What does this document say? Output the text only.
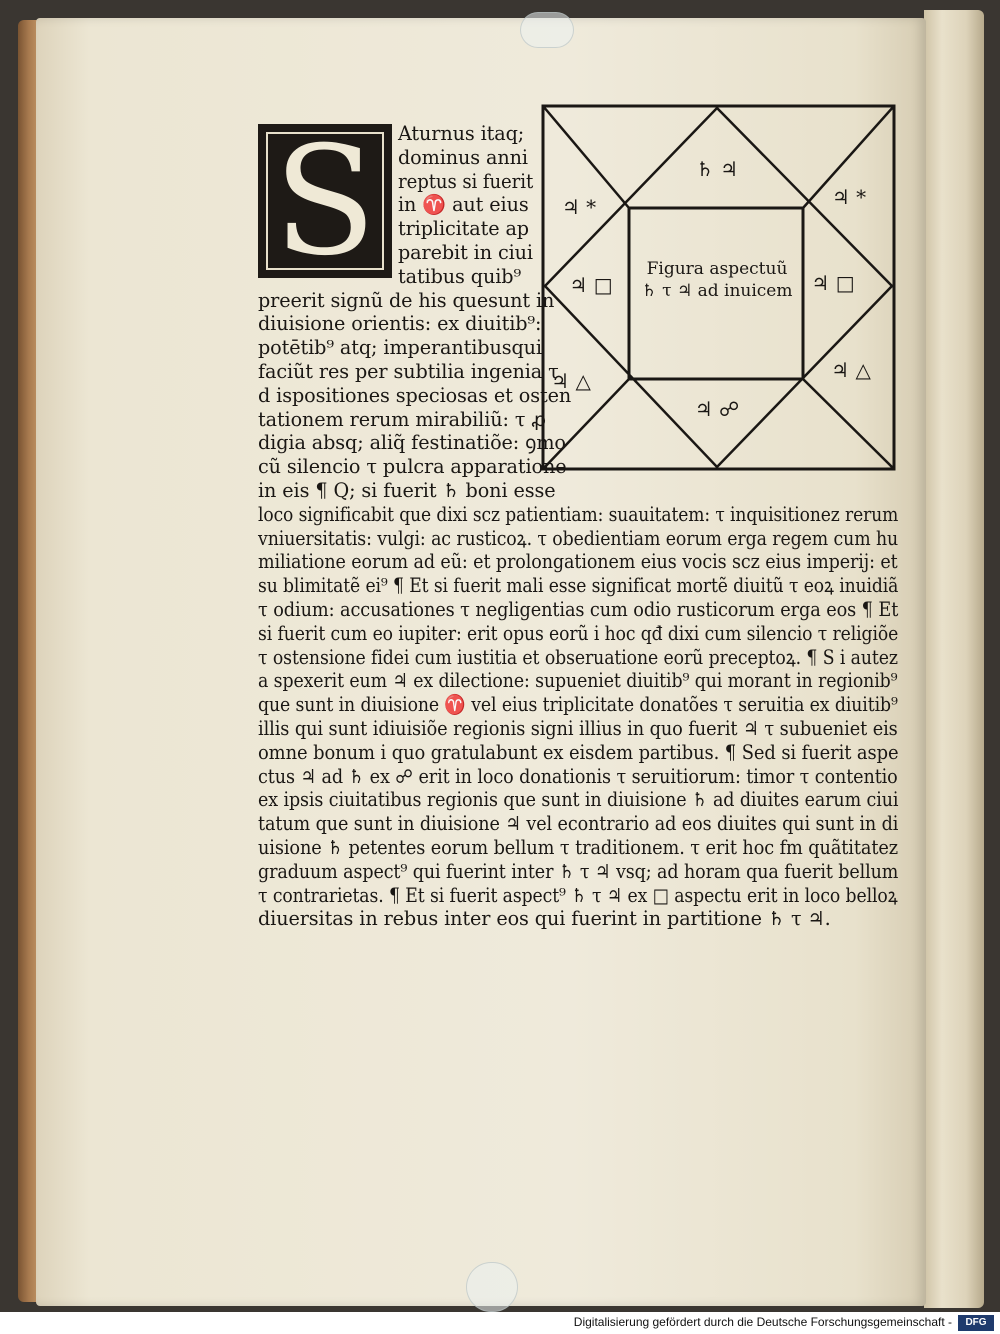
S	♄ ♃
♃ *	♃ *
♃ □	♃ □
♃ △	♃ △
♃ ☍
Figura aspectuũ
♄ τ ♃ ad inuicem
Aturnus itaq;
dominus anni
reptus si fuerit
in ♈ aut eius
triplicitate ap
parebit in ciui
tatibus quib⁹
preerit signũ de his quesunt in
diuisione orientis: ex diuitib⁹:
potētib⁹ atq; imperantibusqui
faciũt res per subtilia ingenia τ
d ispositiones speciosas et osten
tationem rerum mirabiliũ: τ ꝓ
digia absq; aliq̃ festinatiõe: ꝯmo
cũ silencio τ pulcra apparatione
in eis ¶ Q; si fuerit ♄ boni esse
loco significabit que dixi scz patientiam: suauitatem: τ inquisitionez rerum
vniuersitatis: vulgi: ac rusticoꝝ. τ obedientiam eorum erga regem cum hu
miliatione eorum ad eũ: et prolongationem eius vocis scz eius imperij: et
su blimitatẽ ei⁹ ¶ Et si fuerit mali esse significat mortẽ diuitũ τ eoꝝ inuidiã
τ odium: accusationes τ negligentias cum odio rusticorum erga eos ¶ Et
si fuerit cum eo iupiter: erit opus eorũ i hoc qđ dixi cum silencio τ religiõe
τ ostensione fidei cum iustitia et obseruatione eorũ preceptoꝝ. ¶ S i autez
a spexerit eum ♃ ex dilectione: supueniet diuitib⁹ qui morant in regionib⁹
que sunt in diuisione ♈ vel eius triplicitate donatões τ seruitia ex diuitib⁹
illis qui sunt idiuisiõe regionis signi illius in quo fuerit ♃ τ subueniet eis
omne bonum i quo gratulabunt ex eisdem partibus. ¶ Sed si fuerit aspe
ctus ♃ ad ♄ ex ☍ erit in loco donationis τ seruitiorum: timor τ contentio
ex ipsis ciuitatibus regionis que sunt in diuisione ♄ ad diuites earum ciui
tatum que sunt in diuisione ♃ vel econtrario ad eos diuites qui sunt in di
uisione ♄ petentes eorum bellum τ traditionem. τ erit hoc fm quãtitatez
graduum aspect⁹ qui fuerint inter ♄ τ ♃ vsq; ad horam qua fuerit bellum
τ contrarietas. ¶ Et si fuerit aspect⁹ ♄ τ ♃ ex □ aspectu erit in loco belloꝝ
diuersitas in rebus inter eos qui fuerint in partitione ♄ τ ♃.
Digitalisierung gefördert durch die Deutsche Forschungsgemeinschaft -	DFG
